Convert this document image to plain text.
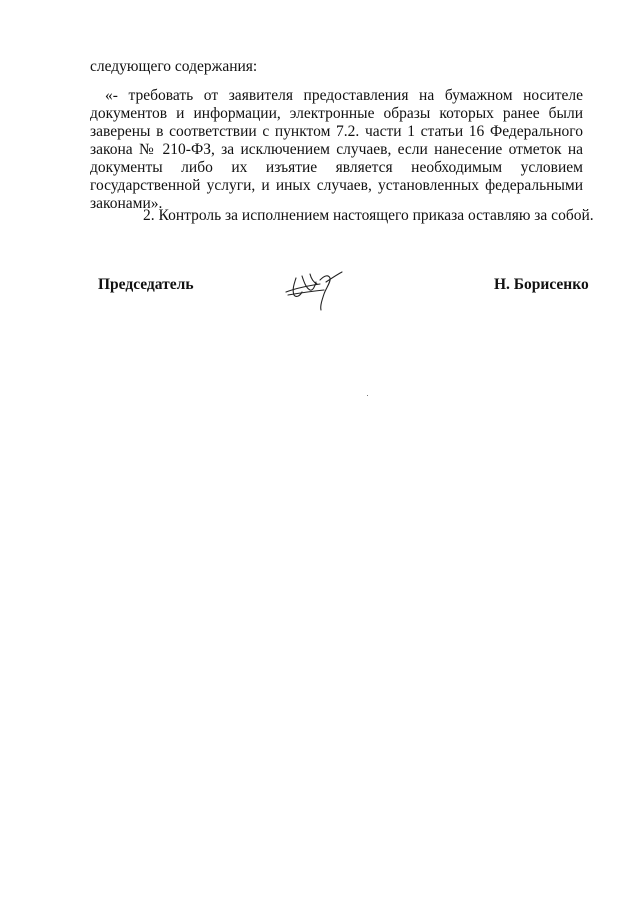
следующего содержания:
«- требовать от заявителя предоставления на бумажном носителе
документов и информации, электронные образы которых ранее были
заверены в соответствии с пунктом 7.2. части 1 статьи 16 Федерального
закона № 210-ФЗ, за исключением случаев, если нанесение отметок на
документы либо их изъятие является необходимым условием
государственной услуги, и иных случаев, установленных федеральными
законами».
2. Контроль за исполнением настоящего приказа оставляю за собой.
Председатель	Н. Борисенко
